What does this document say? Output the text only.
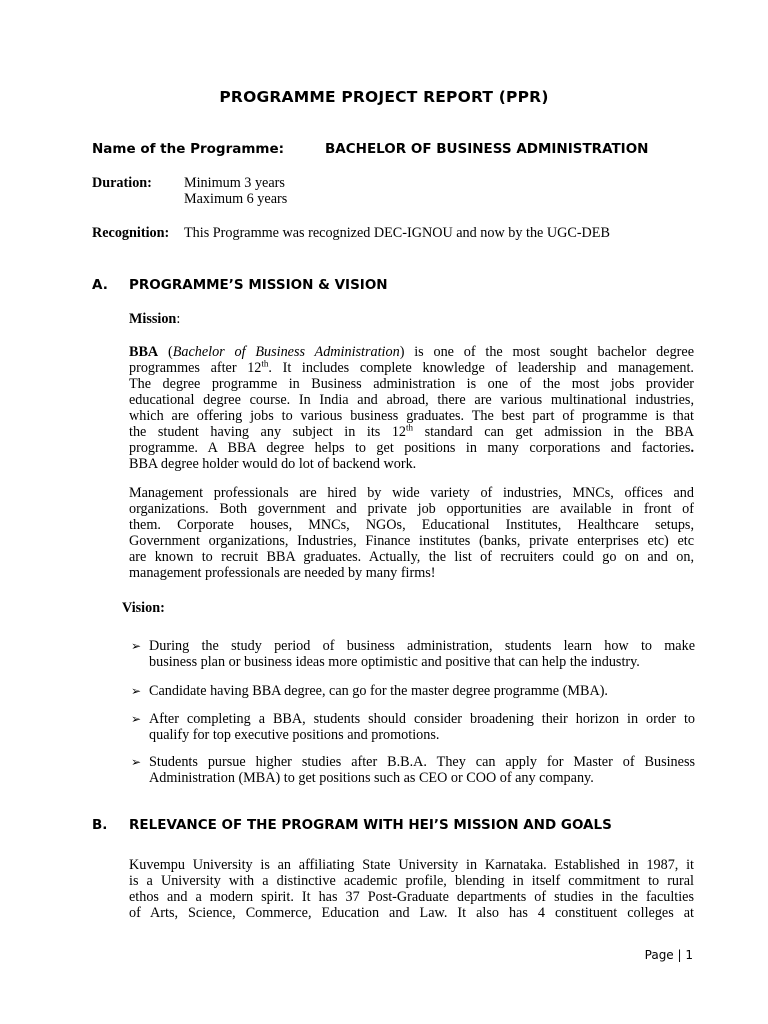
PROGRAMME PROJECT REPORT (PPR)
Name of the Programme:	BACHELOR OF BUSINESS ADMINISTRATION
Duration: Minimum 3 years
Maximum 6 years
Recognition: This Programme was recognized DEC-IGNOU and now by the UGC-DEB
A. PROGRAMME’S MISSION & VISION
Mission:
BBA (Bachelor of Business Administration) is one of the most sought bachelor degree
programmes after 12th. It includes complete knowledge of leadership and management.
The degree programme in Business administration is one of the most jobs provider
educational degree course. In India and abroad, there are various multinational industries,
which are offering jobs to various business graduates. The best part of programme is that
the student having any subject in its 12th standard can get admission in the BBA
programme. A BBA degree helps to get positions in many corporations and factories.
BBA degree holder would do lot of backend work.
Management professionals are hired by wide variety of industries, MNCs, offices and
organizations. Both government and private job opportunities are available in front of
them. Corporate houses, MNCs, NGOs, Educational Institutes, Healthcare setups,
Government organizations, Industries, Finance institutes (banks, private enterprises etc) etc
are known to recruit BBA graduates. Actually, the list of recruiters could go on and on,
management professionals are needed by many firms!
Vision:
➢ During the study period of business administration, students learn how to make
business plan or business ideas more optimistic and positive that can help the industry.
➢ Candidate having BBA degree, can go for the master degree programme (MBA).
➢ After completing a BBA, students should consider broadening their horizon in order to
qualify for top executive positions and promotions.
➢ Students pursue higher studies after B.B.A. They can apply for Master of Business
Administration (MBA) to get positions such as CEO or COO of any company.
B. RELEVANCE OF THE PROGRAM WITH HEI’S MISSION AND GOALS
Kuvempu University is an affiliating State University in Karnataka. Established in 1987, it
is a University with a distinctive academic profile, blending in itself commitment to rural
ethos and a modern spirit. It has 37 Post-Graduate departments of studies in the faculties
of Arts, Science, Commerce, Education and Law. It also has 4 constituent colleges at
Page | 1
